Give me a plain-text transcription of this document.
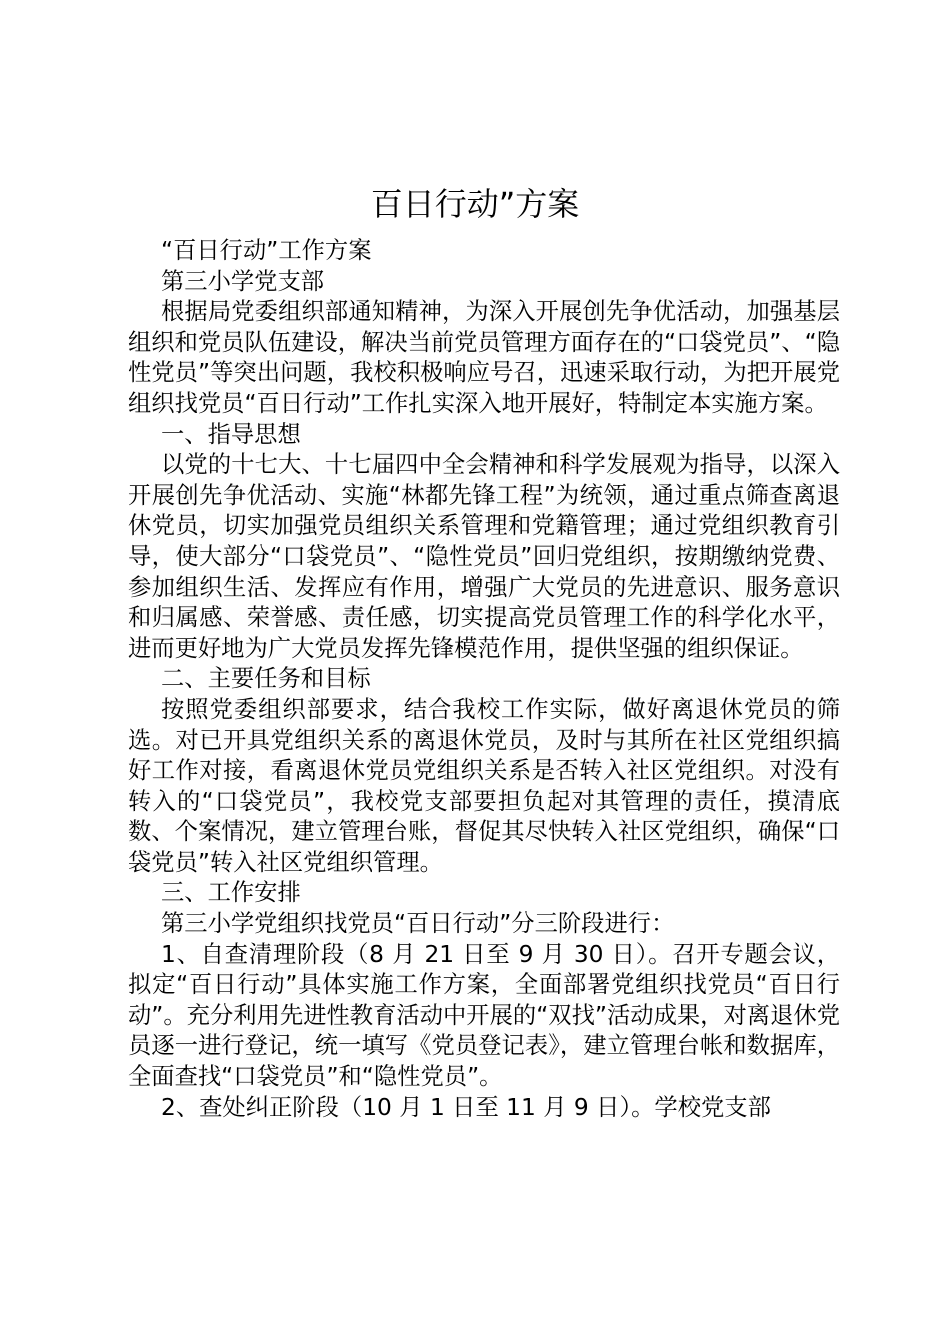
百日行动”方案

“百日行动”工作方案

第三小学党支部

根据局党委组织部通知精神，为深入开展创先争优活动，加强基层组织和党员队伍建设，解决当前党员管理方面存在的“口袋党员”、“隐性党员”等突出问题，我校积极响应号召，迅速采取行动，为把开展党组织找党员“百日行动”工作扎实深入地开展好，特制定本实施方案。

一、指导思想

以党的十七大、十七届四中全会精神和科学发展观为指导，以深入开展创先争优活动、实施“林都先锋工程”为统领，通过重点筛查离退休党员，切实加强党员组织关系管理和党籍管理；通过党组织教育引导，使大部分“口袋党员”、“隐性党员”回归党组织，按期缴纳党费、参加组织生活、发挥应有作用，增强广大党员的先进意识、服务意识和归属感、荣誉感、责任感，切实提高党员管理工作的科学化水平，进而更好地为广大党员发挥先锋模范作用，提供坚强的组织保证。

二、主要任务和目标

按照党委组织部要求，结合我校工作实际，做好离退休党员的筛选。对已开具党组织关系的离退休党员，及时与其所在社区党组织搞好工作对接，看离退休党员党组织关系是否转入社区党组织。对没有转入的“口袋党员”，我校党支部要担负起对其管理的责任，摸清底数、个案情况，建立管理台账，督促其尽快转入社区党组织，确保“口袋党员”转入社区党组织管理。

三、工作安排

第三小学党组织找党员“百日行动”分三阶段进行：

1、自查清理阶段（8 月 21 日至 9 月 30 日）。召开专题会议，拟定“百日行动”具体实施工作方案，全面部署党组织找党员“百日行动”。充分利用先进性教育活动中开展的“双找”活动成果，对离退休党员逐一进行登记，统一填写《党员登记表》，建立管理台帐和数据库，全面查找“口袋党员”和“隐性党员”。

2、查处纠正阶段（10 月 1 日至 11 月 9 日）。学校党支部
